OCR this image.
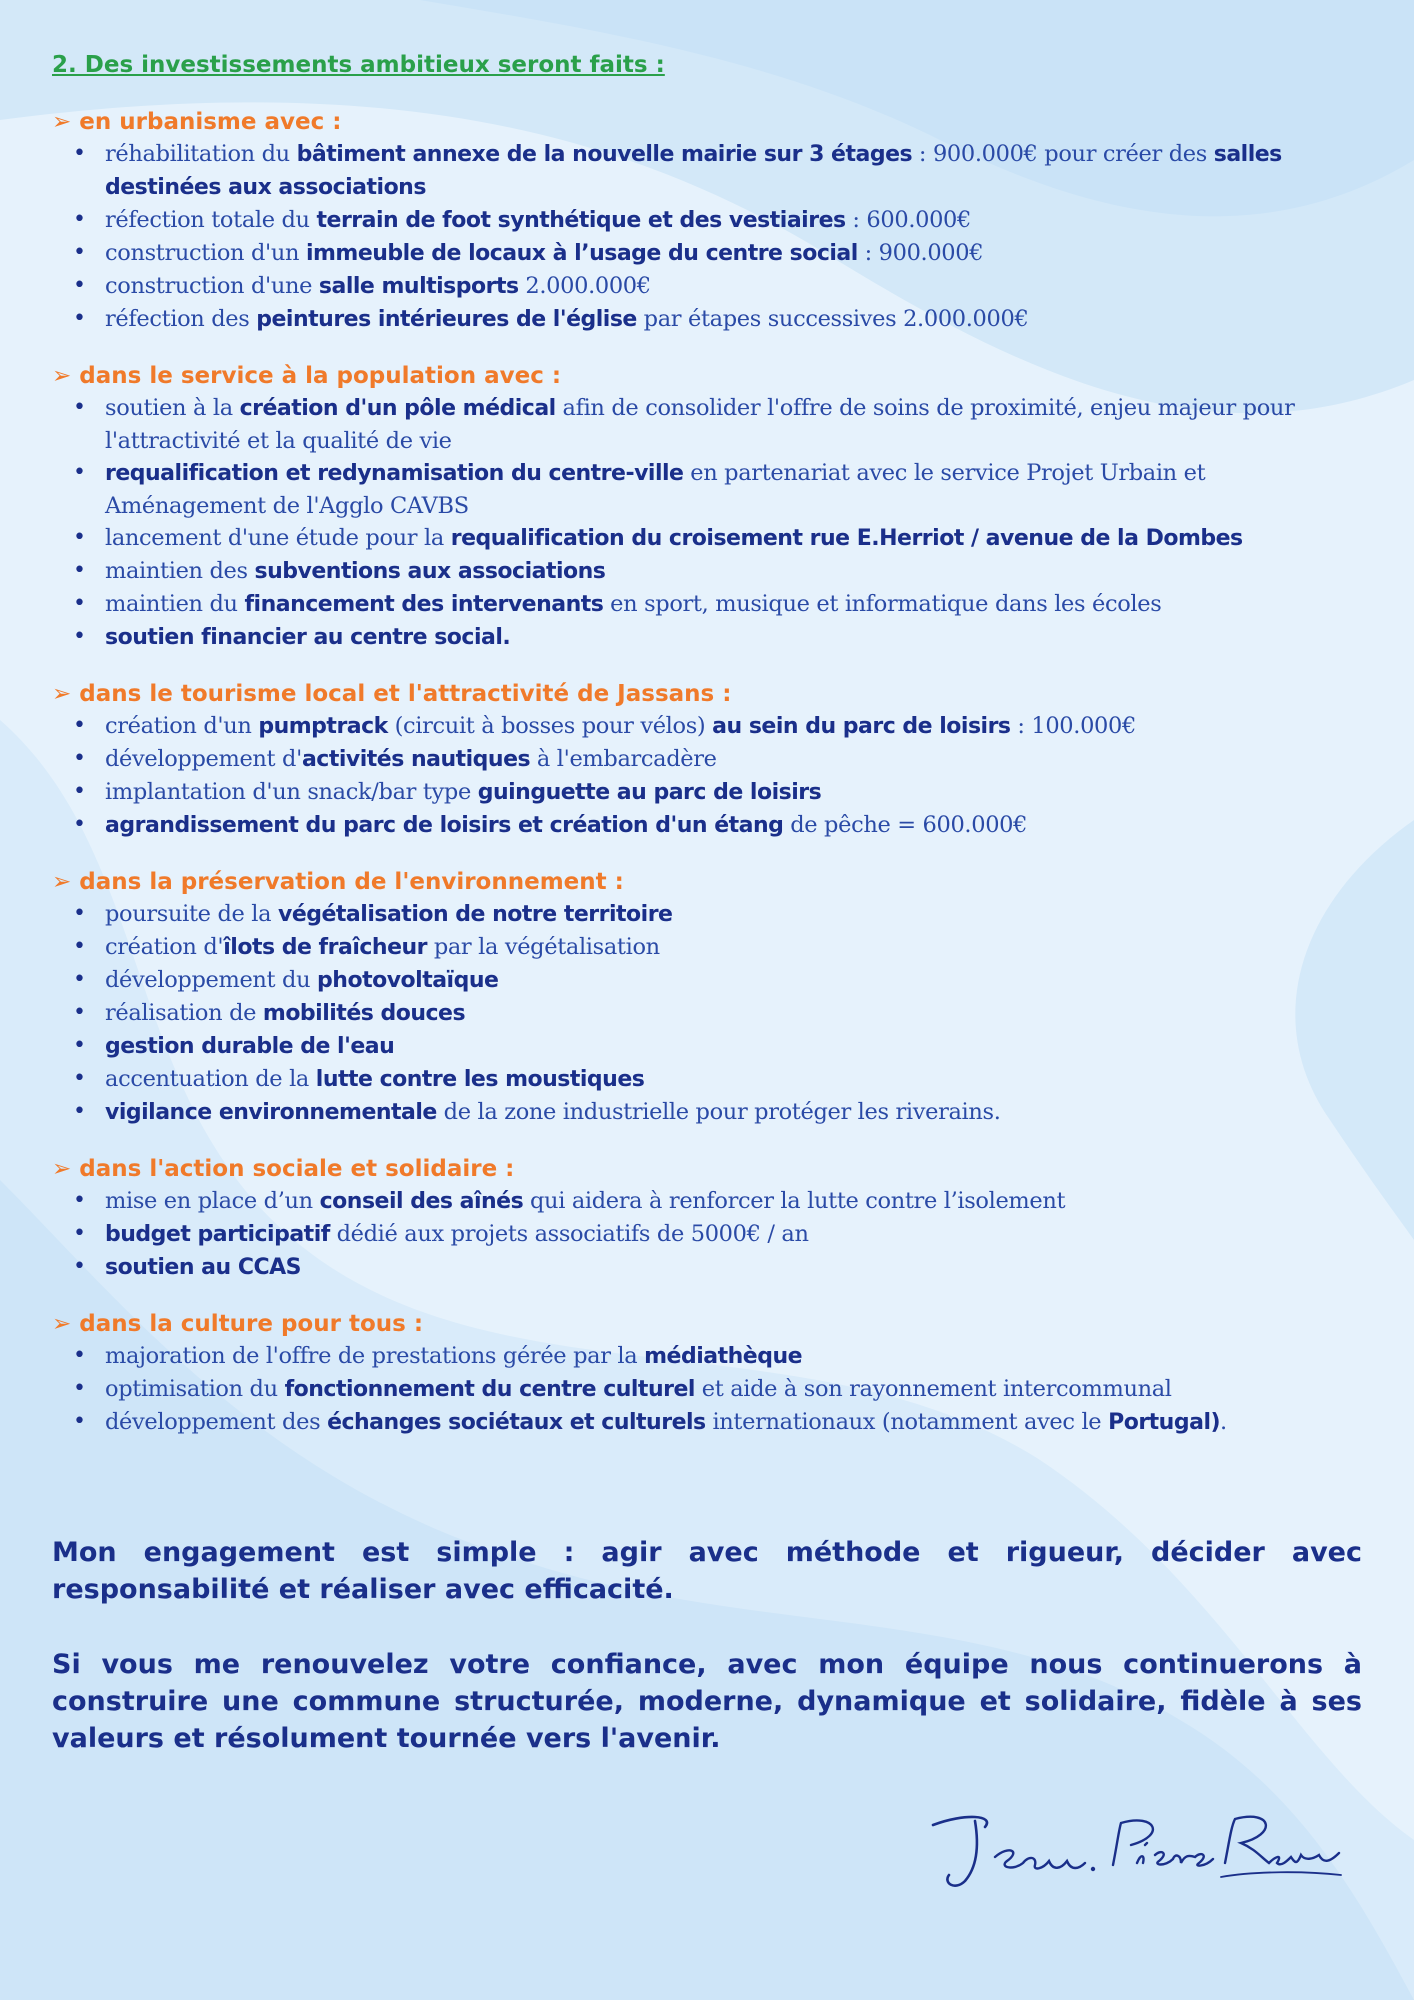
2. Des investissements ambitieux seront faits :

➢ en urbanisme avec :

• réhabilitation du bâtiment annexe de la nouvelle mairie sur 3 étages : 900.000€ pour créer des salles destinées aux associations
• réfection totale du terrain de foot synthétique et des vestiaires : 600.000€
• construction d'un immeuble de locaux à l’usage du centre social : 900.000€
• construction d'une salle multisports 2.000.000€
• réfection des peintures intérieures de l'église par étapes successives 2.000.000€

➢ dans le service à la population avec :

• soutien à la création d'un pôle médical afin de consolider l'offre de soins de proximité, enjeu majeur pour l'attractivité et la qualité de vie
• requalification et redynamisation du centre-ville en partenariat avec le service Projet Urbain et Aménagement de l'Agglo CAVBS
• lancement d'une étude pour la requalification du croisement rue E.Herriot / avenue de la Dombes
• maintien des subventions aux associations
• maintien du financement des intervenants en sport, musique et informatique dans les écoles
• soutien financier au centre social.

➢ dans le tourisme local et l'attractivité de Jassans :

• création d'un pumptrack (circuit à bosses pour vélos) au sein du parc de loisirs : 100.000€
• développement d'activités nautiques à l'embarcadère
• implantation d'un snack/bar type guinguette au parc de loisirs
• agrandissement du parc de loisirs et création d'un étang de pêche = 600.000€

➢ dans la préservation de l'environnement :

• poursuite de la végétalisation de notre territoire
• création d'îlots de fraîcheur par la végétalisation
• développement du photovoltaïque
• réalisation de mobilités douces
• gestion durable de l'eau
• accentuation de la lutte contre les moustiques
• vigilance environnementale de la zone industrielle pour protéger les riverains.

➢ dans l'action sociale et solidaire :

• mise en place d’un conseil des aînés qui aidera à renforcer la lutte contre l’isolement
• budget participatif dédié aux projets associatifs de 5000€ / an
• soutien au CCAS

➢ dans la culture pour tous :

• majoration de l'offre de prestations gérée par la médiathèque
• optimisation du fonctionnement du centre culturel et aide à son rayonnement intercommunal
• développement des échanges sociétaux et culturels internationaux (notamment avec le Portugal).

Mon engagement est simple : agir avec méthode et rigueur, décider avec responsabilité et réaliser avec efficacité.

Si vous me renouvelez votre confiance, avec mon équipe nous continuerons à construire une commune structurée, moderne, dynamique et solidaire, fidèle à ses valeurs et résolument tournée vers l'avenir.
